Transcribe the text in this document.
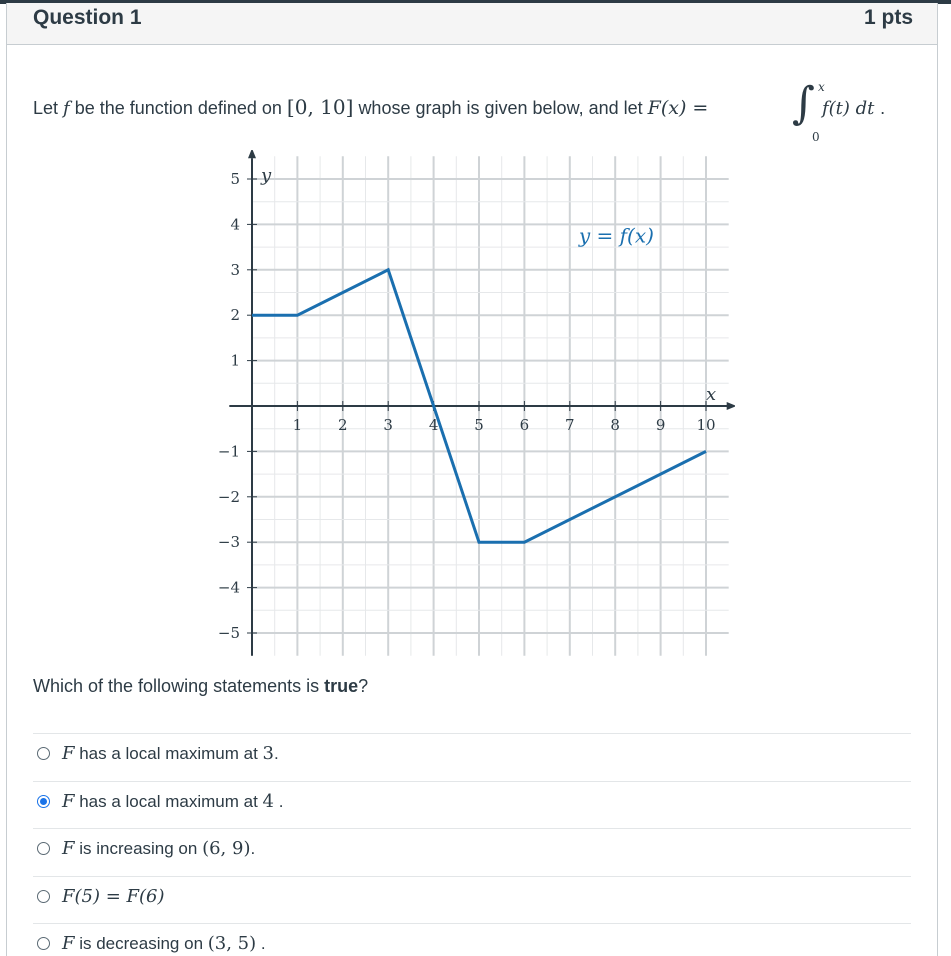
Question 1	1 pts
Let f be the function defined on [0, 10] whose graph is given below, and let F(x) = ∫ x
0
f(t) dt .
1 2 3 4 5 6 7 8 9 10
5
4
3
2
1
−1
−2
−3
−4
−5
y = f(x)
x
y
Which of the following statements is true?
F has a local maximum at 3.
F has a local maximum at 4 .
F is increasing on (6, 9).
F(5) = F(6)
F is decreasing on (3, 5) .
